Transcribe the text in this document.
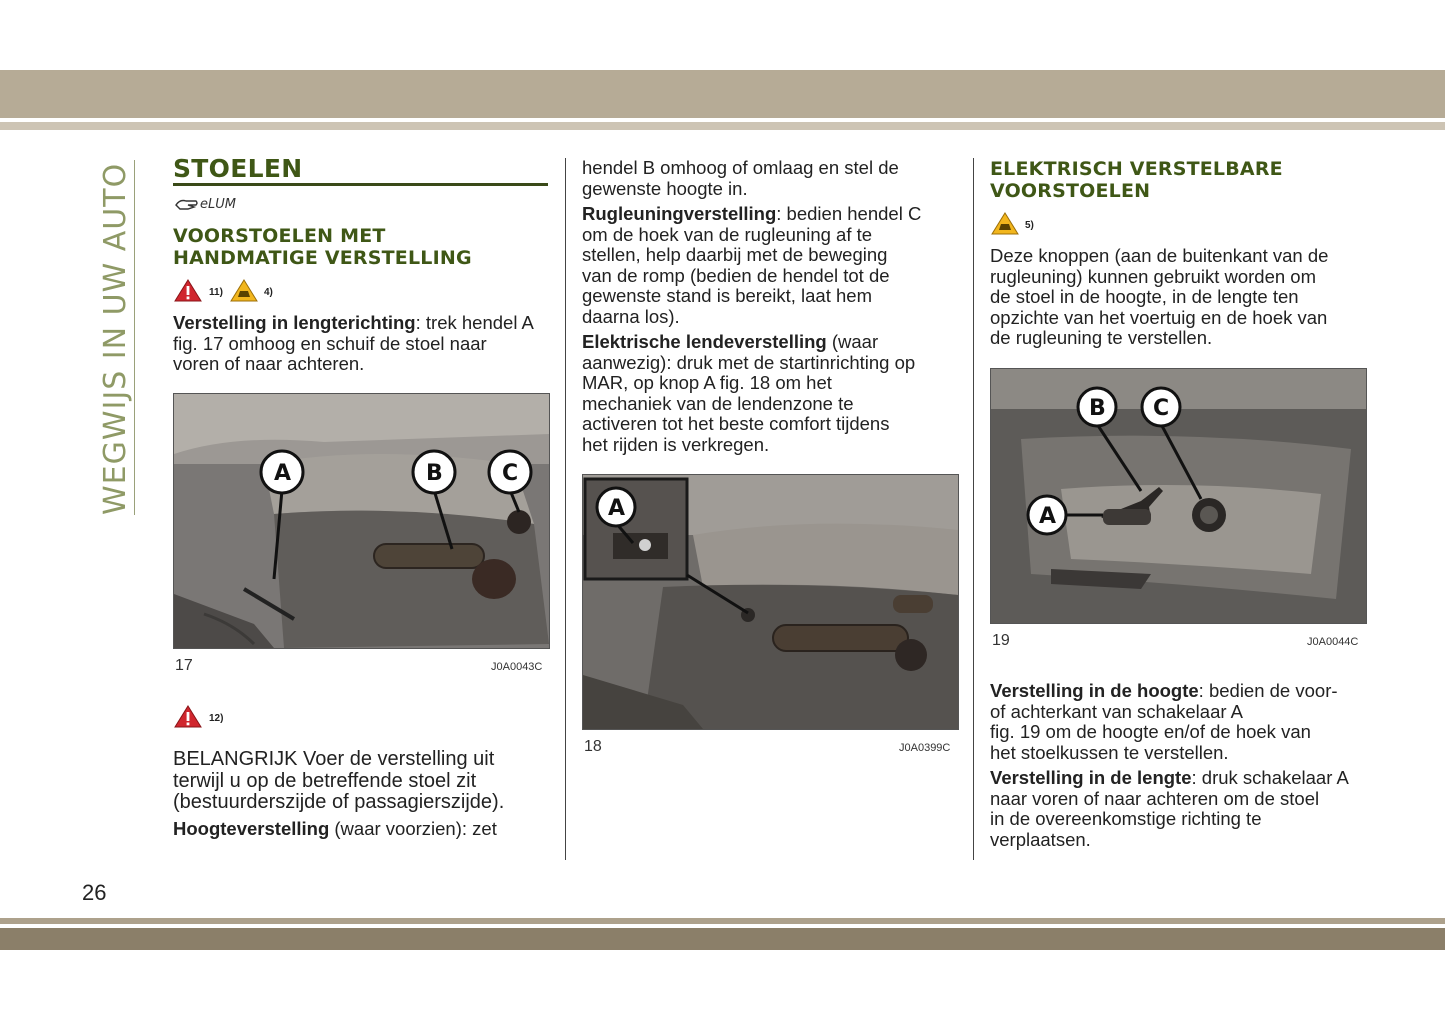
WEGWIJS IN UW AUTO STOELEN
eLUM
VOORSTOELEN MET
HANDMATIGE VERSTELLING
11)	4)
Verstelling in lengterichting: trek hendel A
fig. 17 omhoog en schuif de stoel naar
voren of naar achteren.
A	B	C
17	J0A0043C
12)
BELANGRIJK Voer de verstelling uit
terwijl u op de betreffende stoel zit
(bestuurderszijde of passagierszijde).
Hoogteverstelling (waar voorzien): zet
hendel B omhoog of omlaag en stel de
gewenste hoogte in.
Rugleuningverstelling: bedien hendel C
om de hoek van de rugleuning af te
stellen, help daarbij met de beweging
van de romp (bedien de hendel tot de
gewenste stand is bereikt, laat hem
daarna los).
Elektrische lendeverstelling (waar
aanwezig): druk met de startinrichting op
MAR, op knop A fig. 18 om het
mechaniek van de lendenzone te
activeren tot het beste comfort tijdens
het rijden is verkregen.
A
18	J0A0399C
ELEKTRISCH VERSTELBARE
VOORSTOELEN
5)
Deze knoppen (aan de buitenkant van de
rugleuning) kunnen gebruikt worden om
de stoel in de hoogte, in de lengte ten
opzichte van het voertuig en de hoek van
de rugleuning te verstellen.
B C
A
19	J0A0044C
Verstelling in de hoogte: bedien de voor-
of achterkant van schakelaar A
fig. 19 om de hoogte en/of de hoek van
het stoelkussen te verstellen.
Verstelling in de lengte: druk schakelaar A
naar voren of naar achteren om de stoel
in de overeenkomstige richting te
verplaatsen.
26
